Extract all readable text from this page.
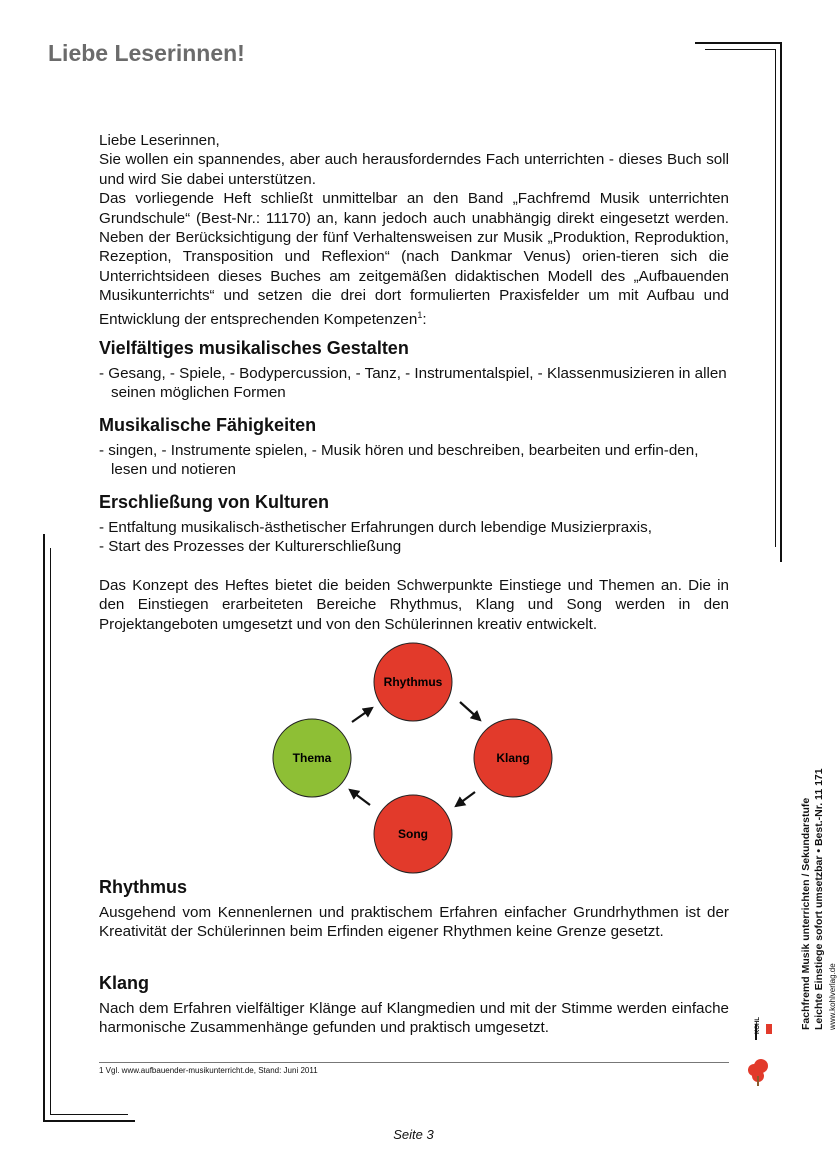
Liebe Leserinnen!

Liebe Leserinnen,

Sie wollen ein spannendes, aber auch herausforderndes Fach unterrichten - dieses Buch soll und wird Sie dabei unterstützen.

Das vorliegende Heft schließt unmittelbar an den Band „Fachfremd Musik unterrichten Grundschule“ (Best-Nr.: 11170) an, kann jedoch auch unabhängig direkt eingesetzt werden. Neben der Berücksichtigung der fünf Verhaltensweisen zur Musik „Produktion, Reproduktion, Rezeption, Transposition und Reflexion“ (nach Dankmar Venus) orien-tieren sich die Unterrichtsideen dieses Buches am zeitgemäßen didaktischen Modell des „Aufbauenden Musikunterrichts“ und setzen die drei dort formulierten Praxisfelder um mit Aufbau und Entwicklung der entsprechenden Kompetenzen$^1$:

Vielfältiges musikalisches Gestalten
- Gesang, - Spiele, - Bodypercussion, - Tanz, - Instrumentalspiel, - Klassenmusizieren in allen seinen möglichen Formen
Musikalische Fähigkeiten
- singen, - Instrumente spielen, - Musik hören und beschreiben, bearbeiten und erfin-den, lesen und notieren
Erschließung von Kulturen
- Entfaltung musikalisch-ästhetischer Erfahrungen durch lebendige Musizierpraxis,
- Start des Prozesses der Kulturerschließung
Das Konzept des Heftes bietet die beiden Schwerpunkte Einstiege und Themen an. Die in den Einstiegen erarbeiteten Bereiche Rhythmus, Klang und Song werden in den Projektangeboten umgesetzt und von den Schülerinnen kreativ entwickelt.
Rhythmus
Klang
Song
Thema
Rhythmus
Ausgehend vom Kennenlernen und praktischem Erfahren einfacher Grundrhythmen ist der Kreativität der Schülerinnen beim Erfinden eigener Rhythmen keine Grenze gesetzt.
Klang
Nach dem Erfahren vielfältiger Klänge auf Klangmedien und mit der Stimme werden einfache harmonische Zusammenhänge gefunden und praktisch umgesetzt.
1 Vgl. www.aufbauender-musikunterricht.de, Stand: Juni 2011
Seite 3
KOHL	Fachfremd Musik unterrichten / Sekundarstufe Leichte Einstiege sofort umsetzbar • Best.-Nr. 11 171 www.kohlverlag.de
